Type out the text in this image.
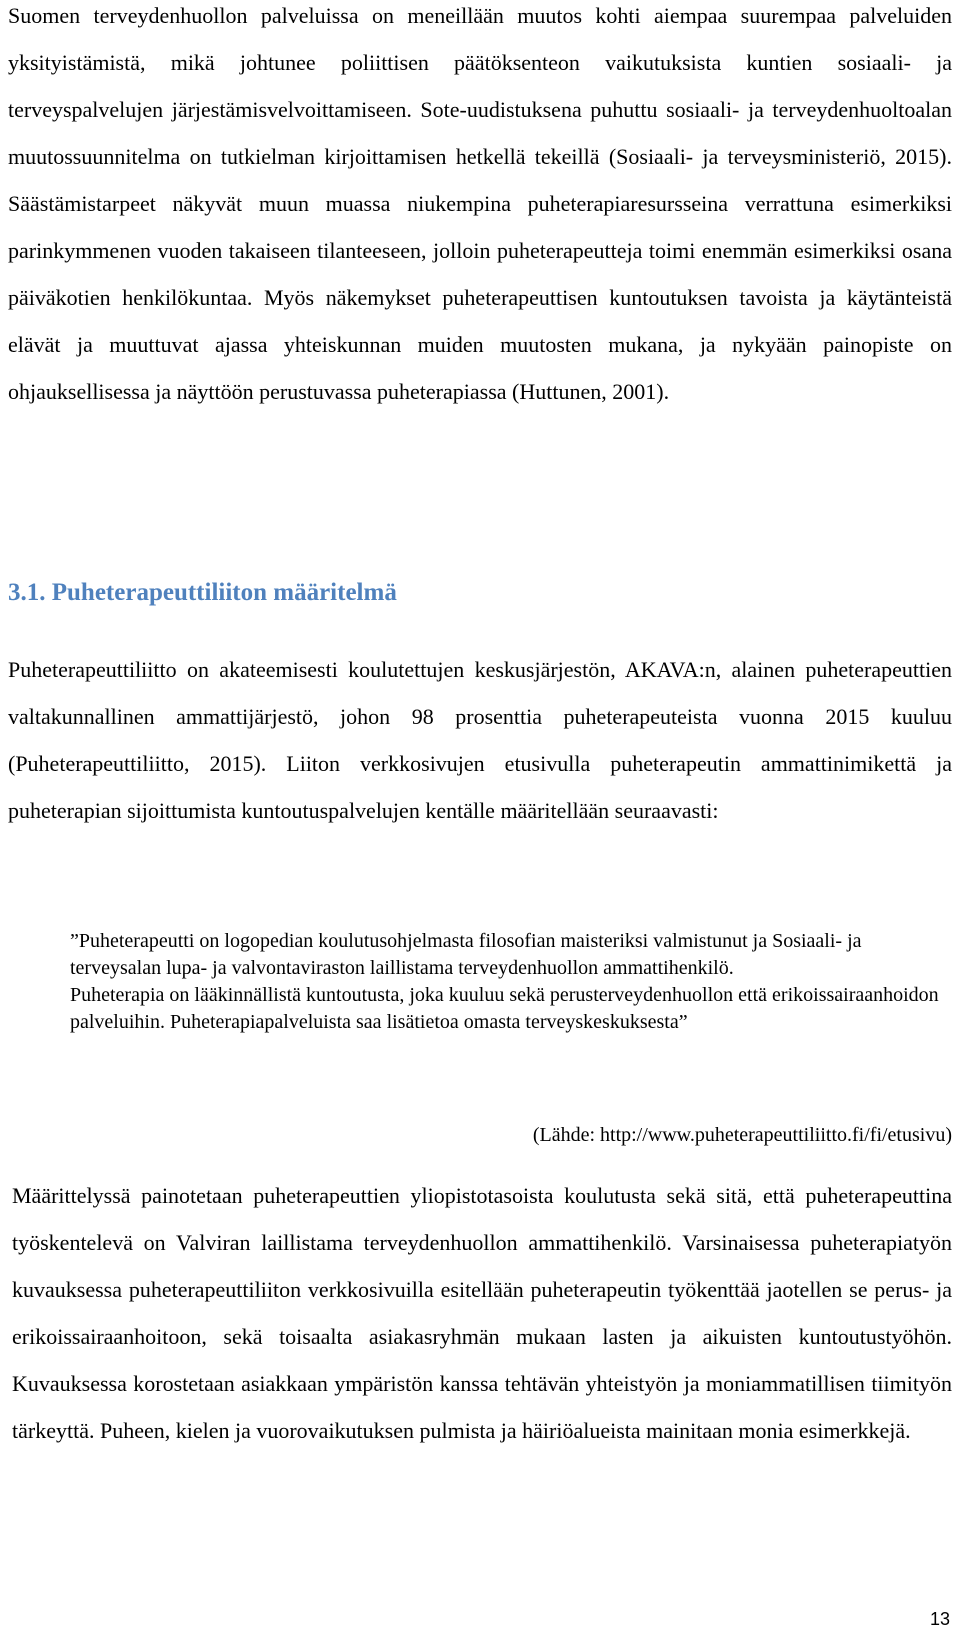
Suomen terveydenhuollon palveluissa on meneillään muutos kohti aiempaa suurempaa palveluiden yksityistämistä, mikä johtunee poliittisen päätöksenteon vaikutuksista kuntien sosiaali- ja terveyspalvelujen järjestämisvelvoittamiseen. Sote-uudistuksena puhuttu sosiaali- ja terveydenhuoltoalan muutossuunnitelma on tutkielman kirjoittamisen hetkellä tekeillä (Sosiaali- ja terveysministeriö, 2015). Säästämistarpeet näkyvät muun muassa niukempina puheterapiaresursseina verrattuna esimerkiksi parinkymmenen vuoden takaiseen tilanteeseen, jolloin puheterapeutteja toimi enemmän esimerkiksi osana päiväkotien henkilökuntaa. Myös näkemykset puheterapeuttisen kuntoutuksen tavoista ja käytänteistä elävät ja muuttuvat ajassa yhteiskunnan muiden muutosten mukana, ja nykyään painopiste on ohjauksellisessa ja näyttöön perustuvassa puheterapiassa (Huttunen, 2001).

3.1. Puheterapeuttiliiton määritelmä

Puheterapeuttiliitto on akateemisesti koulutettujen keskusjärjestön, AKAVA:n, alainen puheterapeuttien valtakunnallinen ammattijärjestö, johon 98 prosenttia puheterapeuteista vuonna 2015 kuuluu (Puheterapeuttiliitto, 2015). Liiton verkkosivujen etusivulla puheterapeutin ammattinimikettä ja puheterapian sijoittumista kuntoutuspalvelujen kentälle määritellään seuraavasti:

”Puheterapeutti on logopedian koulutusohjelmasta filosofian maisteriksi valmistunut ja Sosiaali- ja terveysalan lupa- ja valvontaviraston laillistama terveydenhuollon ammattihenkilö.

Puheterapia on lääkinnällistä kuntoutusta, joka kuuluu sekä perusterveydenhuollon että erikoissairaanhoidon palveluihin. Puheterapiapalveluista saa lisätietoa omasta terveyskeskuksesta”

(Lähde: http://www.puheterapeuttiliitto.fi/fi/etusivu)

Määrittelyssä painotetaan puheterapeuttien yliopistotasoista koulutusta sekä sitä, että puheterapeuttina työskentelevä on Valviran laillistama terveydenhuollon ammattihenkilö. Varsinaisessa puheterapiatyön kuvauksessa puheterapeuttiliiton verkkosivuilla esitellään puheterapeutin työkenttää jaotellen se perus- ja erikoissairaanhoitoon, sekä toisaalta asiakasryhmän mukaan lasten ja aikuisten kuntoutustyöhön. Kuvauksessa korostetaan asiakkaan ympäristön kanssa tehtävän yhteistyön ja moniammatillisen tiimityön tärkeyttä. Puheen, kielen ja vuorovaikutuksen pulmista ja häiriöalueista mainitaan monia esimerkkejä.

13
